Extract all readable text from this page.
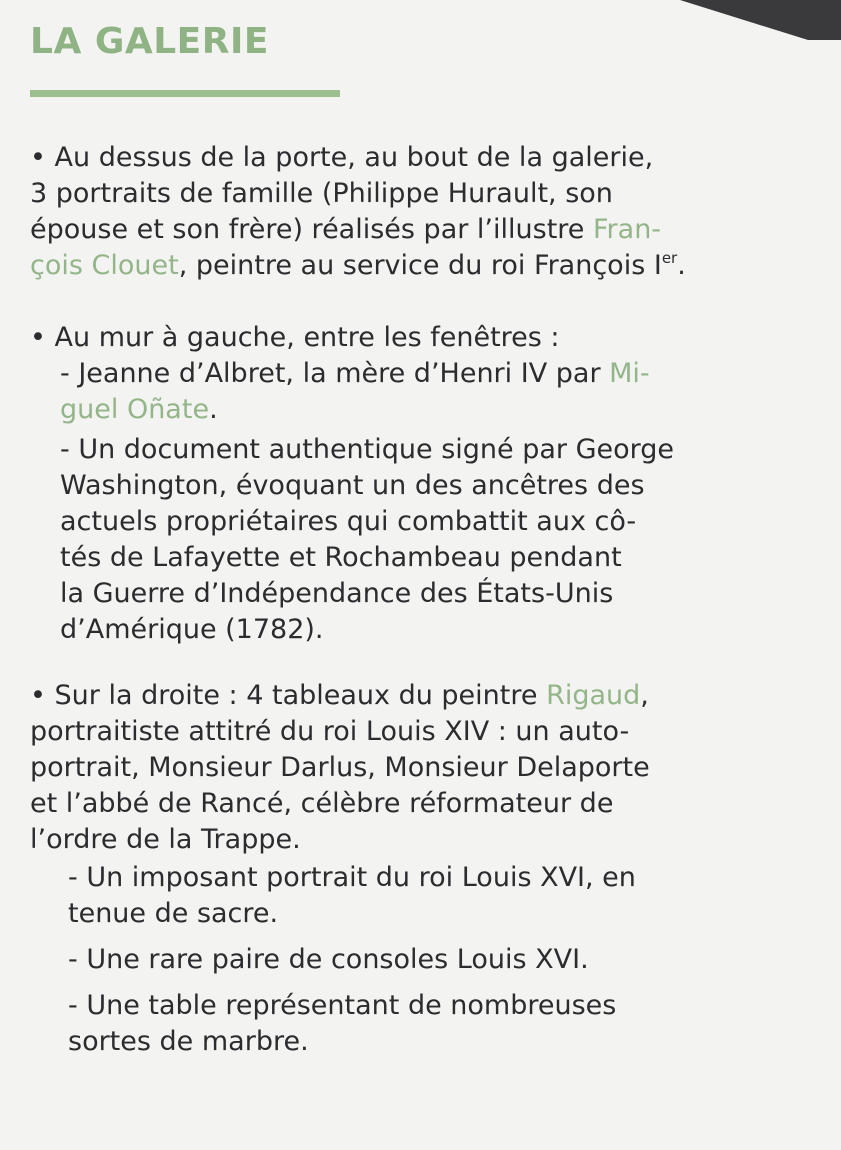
LA GALERIE

• Au dessus de la porte, au bout de la galerie,
3 portraits de famille (Philippe Hurault, son
épouse et son frère) réalisés par l’illustre Fran-
çois Clouet, peintre au service du roi François Ier.

• Au mur à gauche, entre les fenêtres :

- Jeanne d’Albret, la mère d’Henri IV par Mi-
guel Oñate.

- Un document authentique signé par George
Washington, évoquant un des ancêtres des
actuels propriétaires qui combattit aux cô-
tés de Lafayette et Rochambeau pendant
la Guerre d’Indépendance des États-Unis
d’Amérique (1782).

• Sur la droite : 4 tableaux du peintre Rigaud,
portraitiste attitré du roi Louis XIV : un auto-
portrait, Monsieur Darlus, Monsieur Delaporte
et l’abbé de Rancé, célèbre réformateur de
l’ordre de la Trappe.

- Un imposant portrait du roi Louis XVI, en
tenue de sacre.

- Une rare paire de consoles Louis XVI.

- Une table représentant de nombreuses
sortes de marbre.
